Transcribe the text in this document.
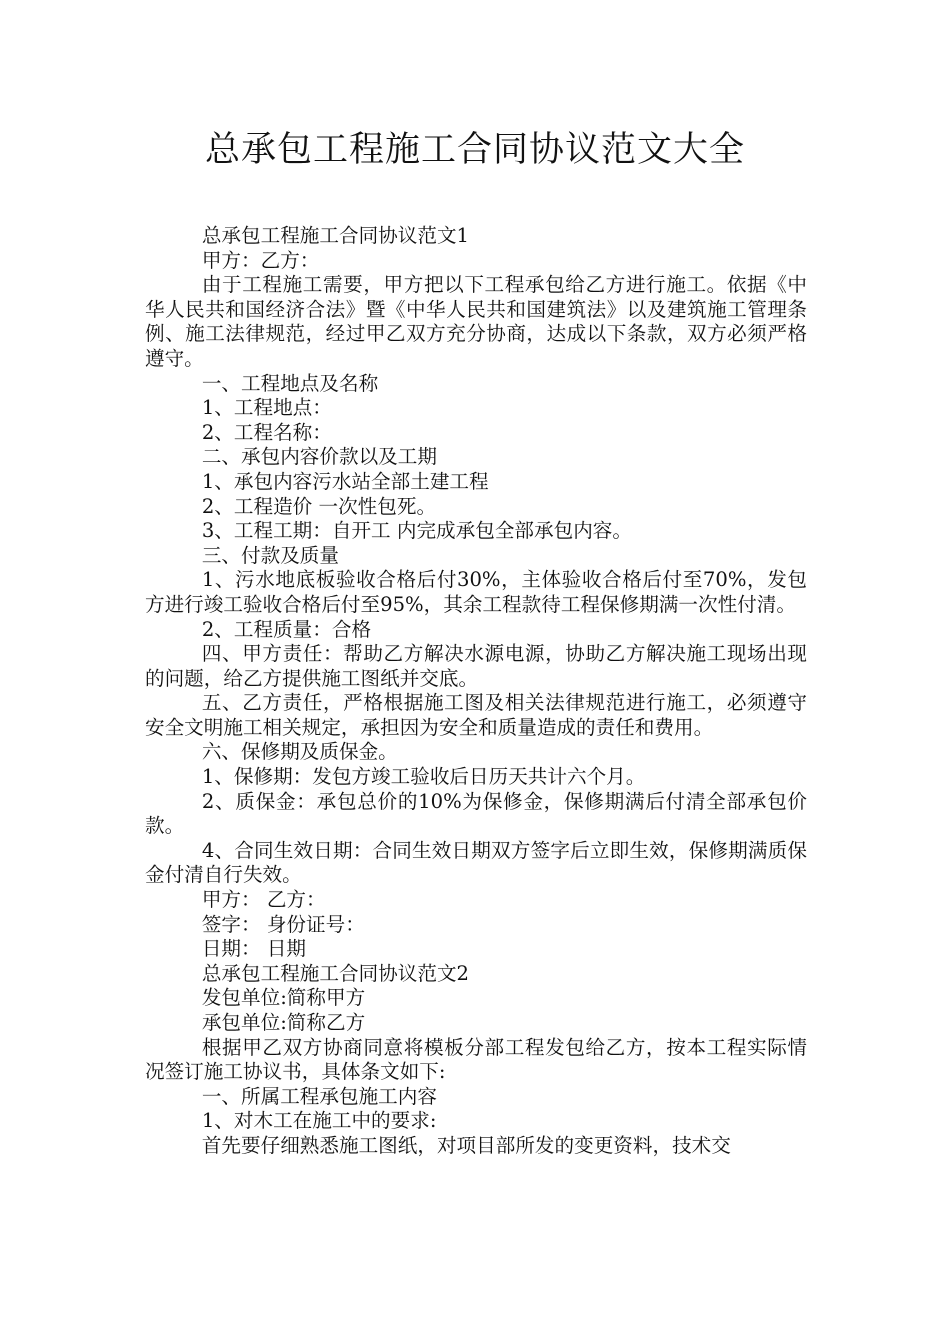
总承包工程施工合同协议范文大全

总承包工程施工合同协议范文1

甲方：乙方：

由于工程施工需要，甲方把以下工程承包给乙方进行施工。依据《中华人民共和国经济合法》暨《中华人民共和国建筑法》以及建筑施工管理条例、施工法律规范，经过甲乙双方充分协商，达成以下条款，双方必须严格遵守。

一、工程地点及名称

1、工程地点：

2、工程名称：

二、承包内容价款以及工期

1、承包内容污水站全部土建工程

2、工程造价 一次性包死。

3、工程工期：自开工 内完成承包全部承包内容。

三、付款及质量

1、污水地底板验收合格后付30%，主体验收合格后付至70%，发包方进行竣工验收合格后付至95%，其余工程款待工程保修期满一次性付清。

2、工程质量：合格

四、甲方责任：帮助乙方解决水源电源，协助乙方解决施工现场出现的问题，给乙方提供施工图纸并交底。

五、乙方责任，严格根据施工图及相关法律规范进行施工，必须遵守安全文明施工相关规定，承担因为安全和质量造成的责任和费用。

六、保修期及质保金。

1、保修期：发包方竣工验收后日历天共计六个月。

2、质保金：承包总价的10%为保修金，保修期满后付清全部承包价款。

4、合同生效日期：合同生效日期双方签字后立即生效，保修期满质保金付清自行失效。

甲方： 乙方：

签字： 身份证号：

日期： 日期

总承包工程施工合同协议范文2

发包单位:简称甲方

承包单位:简称乙方

根据甲乙双方协商同意将模板分部工程发包给乙方，按本工程实际情况签订施工协议书，具体条文如下:

一、所属工程承包施工内容

1、对木工在施工中的要求:

首先要仔细熟悉施工图纸，对项目部所发的变更资料，技术交
